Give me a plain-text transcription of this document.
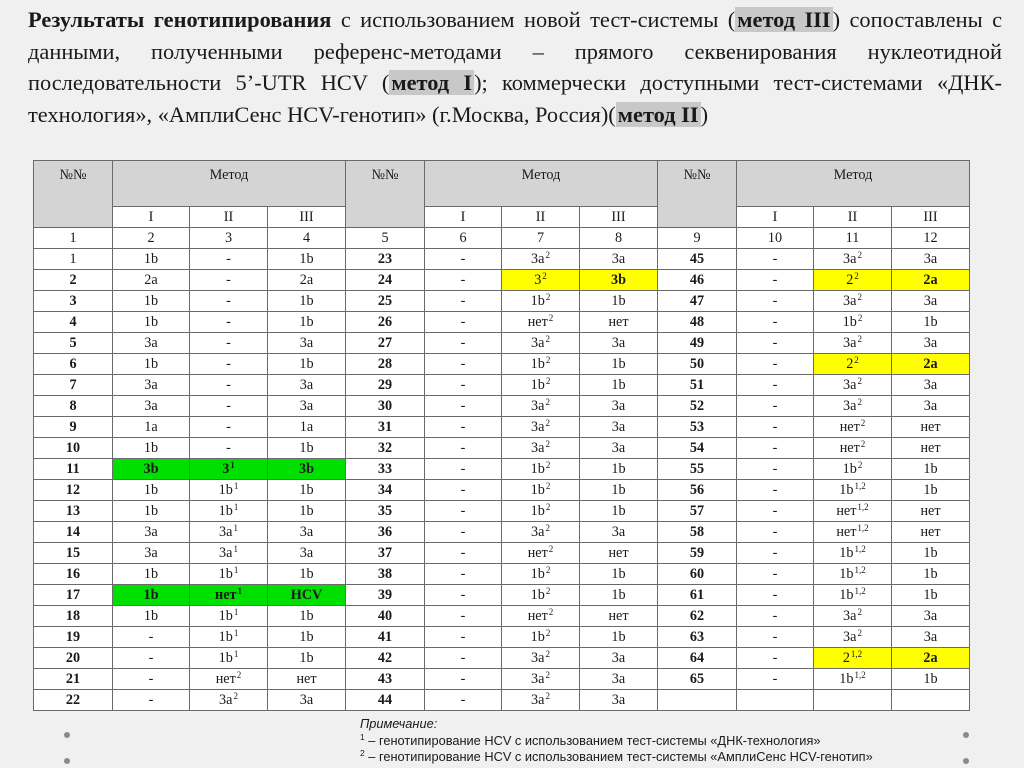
Результаты генотипирования с использованием новой тест-системы (метод III) сопоставлены с данными, полученными референс-методами – прямого секвенирования нуклеотидной последовательности 5’-UTR HCV (метод I); коммерчески доступными тест-системами «ДНК-технология», «АмплиСенс HCV-генотип» (г.Москва, Россия)(метод II)

№№	Метод			№№	Метод			№№	Метод		
	I	II	III		I	II	III		I	II	III
1	2	3	4	5	6	7	8	9	10	11	12
1	1b	-	1b	23	-	$3a^2$	3a	45	-	$3a^2$	3a
2	2a	-	2a	24	-	$3^2$	3b	46	-	$2^2$	2a
3	1b	-	1b	25	-	$1b^2$	1b	47	-	$3a^2$	3a
4	1b	-	1b	26	-	нет$^2$	нет	48	-	$1b^2$	1b
5	3a	-	3a	27	-	$3a^2$	3a	49	-	$3a^2$	3a
6	1b	-	1b	28	-	$1b^2$	1b	50	-	$2^2$	2a
7	3a	-	3a	29	-	$1b^2$	1b	51	-	$3a^2$	3a
8	3a	-	3a	30	-	$3a^2$	3a	52	-	$3a^2$	3a
9	1a	-	1a	31	-	$3a^2$	3a	53	-	нет$^2$	нет
10	1b	-	1b	32	-	$3a^2$	3a	54	-	нет$^2$	нет
11	3b	$3^1$	3b	33	-	$1b^2$	1b	55	-	$1b^2$	1b
12	1b	$1b^1$	1b	34	-	$1b^2$	1b	56	-	$1b^{1,2}$	1b
13	1b	$1b^1$	1b	35	-	$1b^2$	1b	57	-	нет$^{1,2}$	нет
14	3a	$3a^1$	3a	36	-	$3a^2$	3a	58	-	нет$^{1,2}$	нет
15	3a	$3a^1$	3a	37	-	нет$^2$	нет	59	-	$1b^{1,2}$	1b
16	1b	$1b^1$	1b	38	-	$1b^2$	1b	60	-	$1b^{1,2}$	1b
17	1b	нет$^1$	HCV	39	-	$1b^2$	1b	61	-	$1b^{1,2}$	1b
18	1b	$1b^1$	1b	40	-	нет$^2$	нет	62	-	$3a^2$	3a
19	-	$1b^1$	1b	41	-	$1b^2$	1b	63	-	$3a^2$	3a
20	-	$1b^1$	1b	42	-	$3a^2$	3a	64	-	2$^{1,2}$	2a
21	-	нет$^2$	нет	43	-	$3a^2$	3a	65	-	$1b^{1,2}$	1b
22	-	$3a^2$	3a	44	-	$3a^2$	3a				
Примечание:
$^1$ – генотипирование HCV с использованием тест-системы «ДНК-технология»
$^2$ – генотипирование HCV с использованием тест-системы «АмплиСенс HCV-генотип»
